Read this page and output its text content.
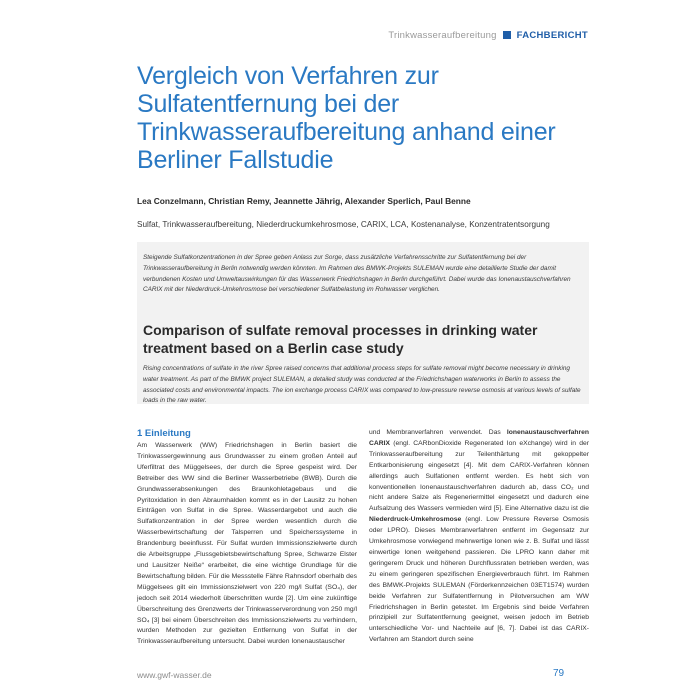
Trinkwasseraufbereitung FACHBERICHT
Vergleich von Verfahren zur Sulfatentfernung bei der Trinkwasseraufbereitung anhand einer Berliner Fallstudie
Lea Conzelmann, Christian Remy, Jeannette Jährig, Alexander Sperlich, Paul Benne
Sulfat, Trinkwasseraufbereitung, Niederdruckumkehrosmose, CARIX, LCA, Kostenanalyse, Konzentratentsorgung

Steigende Sulfatkonzentrationen in der Spree geben Anlass zur Sorge, dass zusätzliche Verfahrensschritte zur Sulfatentfernung bei der Trinkwasseraufbereitung in Berlin notwendig werden könnten. Im Rahmen des BMWK-Projekts SULEMAN wurde eine detaillierte Studie der damit verbundenen Kosten und Umweltauswirkungen für das Wasserwerk Friedrichshagen in Berlin durchgeführt. Dabei wurde das Ionenaustauschverfahren CARIX mit der Niederdruck-Umkehrosmose bei verschiedener Sulfatbelastung im Rohwasser verglichen.

Comparison of sulfate removal processes in drinking water treatment based on a Berlin case study

Rising concentrations of sulfate in the river Spree raised concerns that additional process steps for sulfate removal might become necessary in drinking water treatment. As part of the BMWK project SULEMAN, a detailed study was conducted at the Friedrichshagen waterworks in Berlin to assess the associated costs and environmental impacts. The ion exchange process CARIX was compared to low-pressure reverse osmosis at various levels of sulfate loads in the raw water.

1 Einleitung

Am Wasserwerk (WW) Friedrichshagen in Berlin basiert die Trinkwassergewinnung aus Grundwasser zu einem großen Anteil auf Uferfiltrat des Müggelsees, der durch die Spree gespeist wird. Der Betreiber des WW sind die Berliner Wasserbetriebe (BWB). Durch die Grundwasserabsenkungen des Braunkohletagebaus und die Pyritoxidation in den Abraumhalden kommt es in der Lausitz zu hohen Einträgen von Sulfat in die Spree. Wasserdargebot und auch die Sulfatkonzentration in der Spree werden wesentlich durch die Wasserbewirtschaftung der Talsperren und Speicherssysteme in Brandenburg beeinflusst. Für Sulfat wurden Immissionszielwerte durch die Arbeitsgruppe „Flussgebietsbewirtschaftung Spree, Schwarze Elster und Lausitzer Neiße“ erarbeitet, die eine wichtige Grundlage für die Bewirtschaftung bilden. Für die Messstelle Fähre Rahnsdorf oberhalb des Müggelsees gilt ein Immissionszielwert von 220 mg/l Sulfat (SO₄), der jedoch seit 2014 wiederholt überschritten wurde [2]. Um eine zukünftige Überschreitung des Grenzwerts der Trinkwasserverordnung von 250 mg/l SO₄ [3] bei einem Überschreiten des Immissionszielwerts zu verhindern, wurden Methoden zur gezielten Entfernung von Sulfat in der Trinkwasseraufbereitung untersucht. Dabei wurden Ionenaustauscher

und Membranverfahren verwendet. Das Ionenaustauschverfahren CARIX (engl. CARbonDioxide Regenerated Ion eXchange) wird in der Trinkwasseraufbereitung zur Teilenthärtung mit gekoppelter Entkarbonisierung eingesetzt [4]. Mit dem CARIX-Verfahren können allerdings auch Sulfationen entfernt werden. Es hebt sich von konventionellen Ionenaustauschverfahren dadurch ab, dass CO₂ und nicht andere Salze als Regeneriermittel eingesetzt und dadurch eine Aufsalzung des Wassers vermieden wird [5]. Eine Alternative dazu ist die Niederdruck-Umkehrosmose (engl. Low Pressure Reverse Osmosis oder LPRO). Dieses Membranverfahren entfernt im Gegensatz zur Umkehrosmose vorwiegend mehrwertige Ionen wie z. B. Sulfat und lässt einwertige Ionen weitgehend passieren. Die LPRO kann daher mit geringerem Druck und höheren Durchflussraten betrieben werden, was zu einem geringeren spezifischen Energieverbrauch führt. Im Rahmen des BMWK-Projekts SULEMAN (Förderkennzeichen 03ET1574) wurden beide Verfahren zur Sulfatentfernung in Pilotversuchen am WW Friedrichshagen in Berlin getestet. Im Ergebnis sind beide Verfahren prinzipiell zur Sulfatentfernung geeignet, weisen jedoch im Betrieb unterschiedliche Vor- und Nachteile auf [6, 7]. Dabei ist das CARIX-Verfahren am Standort durch seine

www.gwf-wasser.de	79
